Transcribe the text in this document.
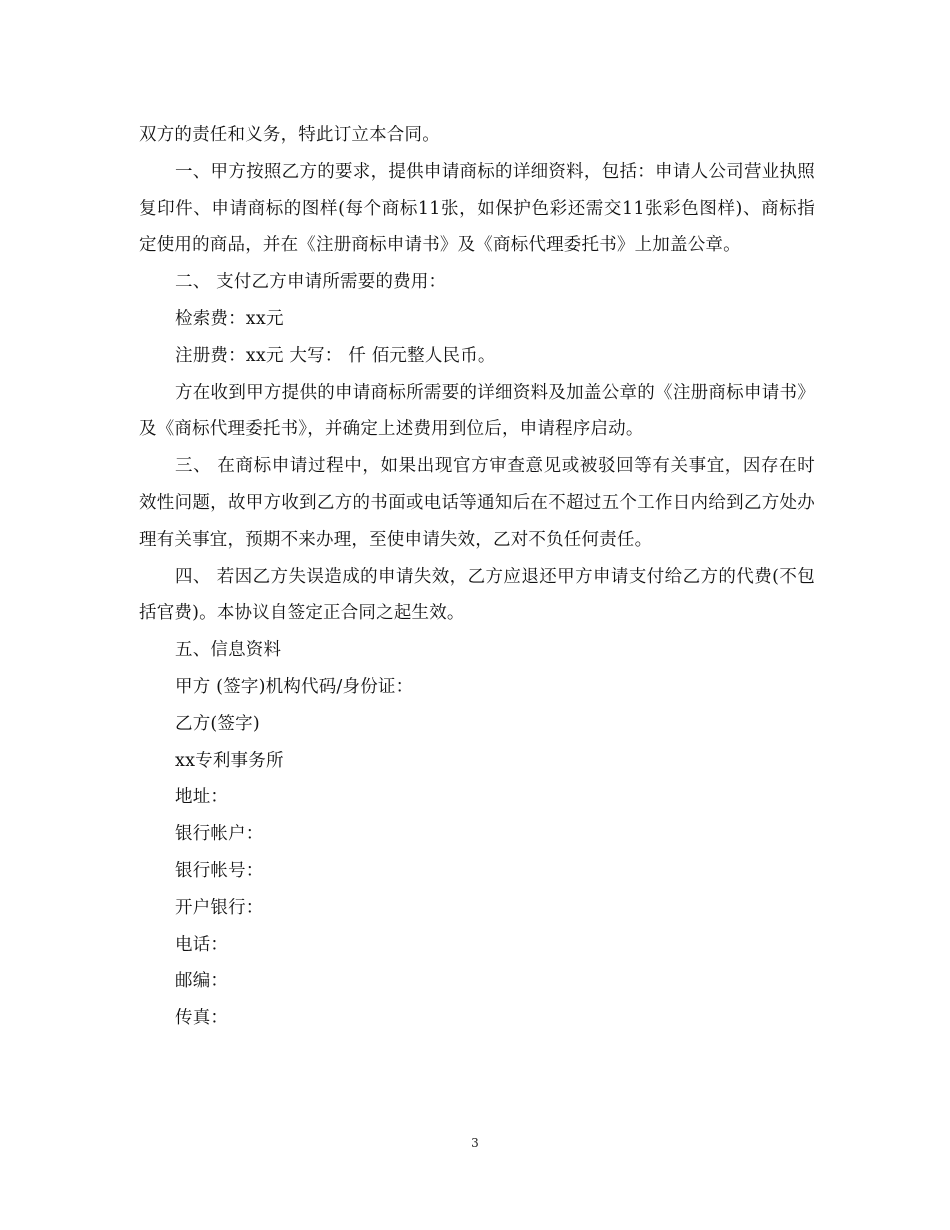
双方的责任和义务，特此订立本合同。

一、甲方按照乙方的要求，提供申请商标的详细资料，包括：申请人公司营业执照复印件、申请商标的图样(每个商标11张，如保护色彩还需交11张彩色图样)、商标指定使用的商品，并在《注册商标申请书》及《商标代理委托书》上加盖公章。

二、 支付乙方申请所需要的费用：

检索费：xx元

注册费：xx元 大写： 仟 佰元整人民币。

方在收到甲方提供的申请商标所需要的详细资料及加盖公章的《注册商标申请书》及《商标代理委托书》，并确定上述费用到位后，申请程序启动。

三、 在商标申请过程中，如果出现官方审查意见或被驳回等有关事宜，因存在时效性问题，故甲方收到乙方的书面或电话等通知后在不超过五个工作日内给到乙方处办理有关事宜，预期不来办理，至使申请失效，乙对不负任何责任。

四、 若因乙方失误造成的申请失效，乙方应退还甲方申请支付给乙方的代费(不包括官费)。本协议自签定正合同之起生效。

五、信息资料

甲方 (签字)机构代码/身份证：

乙方(签字)

xx专利事务所

地址：

银行帐户：

银行帐号：

开户银行：

电话：

邮编：

传真：

3
